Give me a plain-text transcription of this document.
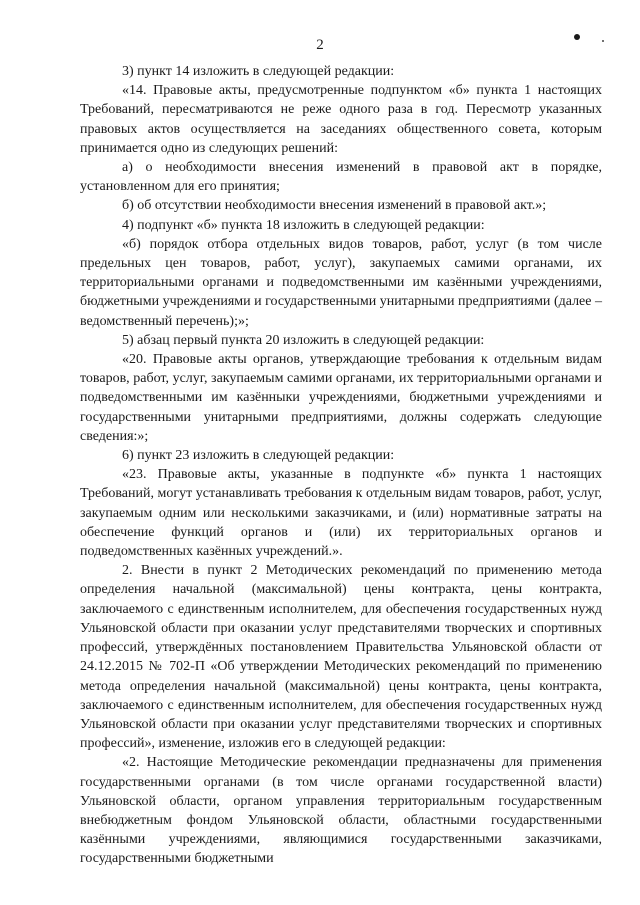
2

3) пункт 14 изложить в следующей редакции:

«14. Правовые акты, предусмотренные подпунктом «б» пункта 1 настоящих Требований, пересматриваются не реже одного раза в год. Пересмотр указанных правовых актов осуществляется на заседаниях общественного совета, которым принимается одно из следующих решений:

а) о необходимости внесения изменений в правовой акт в порядке, установленном для его принятия;

б) об отсутствии необходимости внесения изменений в правовой акт.»;

4) подпункт «б» пункта 18 изложить в следующей редакции:

«б) порядок отбора отдельных видов товаров, работ, услуг (в том числе предельных цен товаров, работ, услуг), закупаемых самими органами, их территориальными органами и подведомственными им казёнными учреждениями, бюджетными учреждениями и государственными унитарными предприятиями (далее – ведомственный перечень);»;

5) абзац первый пункта 20 изложить в следующей редакции:

«20. Правовые акты органов, утверждающие требования к отдельным видам товаров, работ, услуг, закупаемым самими органами, их территориальными органами и подведомственными им казённыки учреждениями, бюджетными учреждениями и государственными унитарными предприятиями, должны содержать следующие сведения:»;

6) пункт 23 изложить в следующей редакции:

«23. Правовые акты, указанные в подпункте «б» пункта 1 настоящих Требований, могут устанавливать требования к отдельным видам товаров, работ, услуг, закупаемым одним или несколькими заказчиками, и (или) нормативные затраты на обеспечение функций органов и (или) их территориальных органов и подведомственных казённых учреждений.».

2. Внести в пункт 2 Методических рекомендаций по применению метода определения начальной (максимальной) цены контракта, цены контракта, заключаемого с единственным исполнителем, для обеспечения государственных нужд Ульяновской области при оказании услуг представителями творческих и спортивных профессий, утверждённых постановлением Правительства Ульяновской области от 24.12.2015 № 702-П «Об утверждении Методических рекомендаций по применению метода определения начальной (максимальной) цены контракта, цены контракта, заключаемого с единственным исполнителем, для обеспечения государственных нужд Ульяновской области при оказании услуг представителями творческих и спортивных профессий», изменение, изложив его в следующей редакции:

«2. Настоящие Методические рекомендации предназначены для применения государственными органами (в том числе органами государственной власти) Ульяновской области, органом управления территориальным государственным внебюджетным фондом Ульяновской области, областными государственными казёнными учреждениями, являющимися государственными заказчиками, государственными бюджетными
